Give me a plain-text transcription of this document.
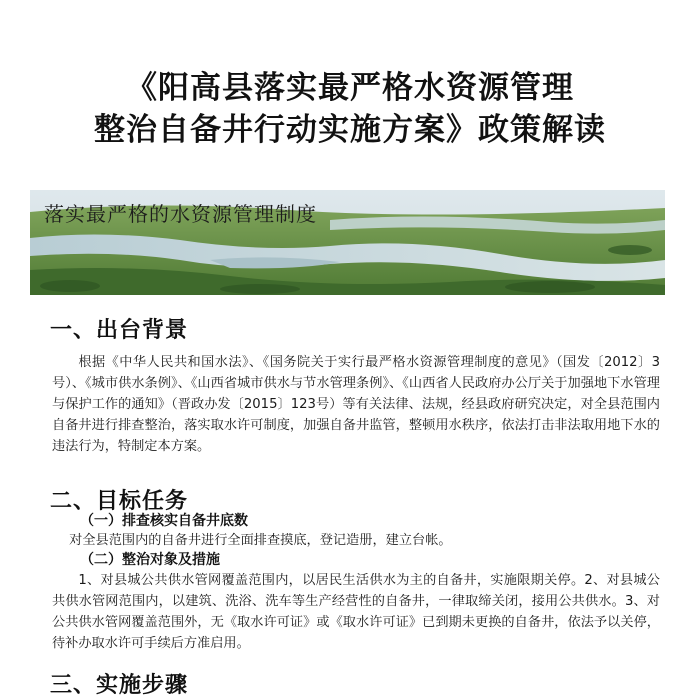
《阳高县落实最严格水资源管理
整治自备井行动实施方案》政策解读
落实最严格的水资源管理制度
一、出台背景
根据《中华人民共和国水法》、《国务院关于实行最严格水资源管理制度的意见》（国发〔2012〕3号）、《城市供水条例》、《山西省城市供水与节水管理条例》、《山西省人民政府办公厅关于加强地下水管理与保护工作的通知》（晋政办发〔2015〕123号）等有关法律、法规，经县政府研究决定，对全县范围内自备井进行排查整治，落实取水许可制度，加强自备井监管，整顿用水秩序，依法打击非法取用地下水的违法行为，特制定本方案。
二、目标任务
（一）排查核实自备井底数
对全县范围内的自备井进行全面排查摸底，登记造册，建立台帐。
（二）整治对象及措施
1、对县城公共供水管网覆盖范围内，以居民生活供水为主的自备井，实施限期关停。2、对县城公共供水管网范围内，以建筑、洗浴、洗车等生产经营性的自备井，一律取缔关闭，接用公共供水。3、对公共供水管网覆盖范围外，无《取水许可证》或《取水许可证》已到期未更换的自备井，依法予以关停，待补办取水许可手续后方准启用。
三、实施步骤
